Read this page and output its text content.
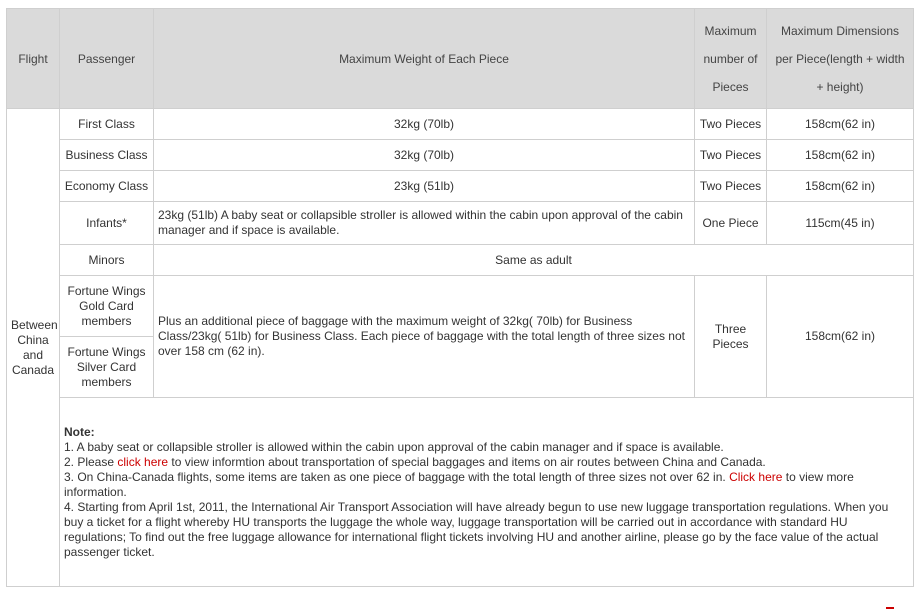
Flight	Passenger	Maximum Weight of Each Piece	Maximum number of Pieces	Maximum Dimensions per Piece(length + width + height)
Between China and Canada	First Class	32kg (70lb)	Two Pieces	158cm(62 in)
	Business Class	32kg (70lb)	Two Pieces	158cm(62 in)
	Economy Class	23kg (51lb)	Two Pieces	158cm(62 in)
	Infants*	23kg (51lb) A baby seat or collapsible stroller is allowed within the cabin upon approval of the cabin manager and if space is available.	One Piece	115cm(45 in)
	Minors	Same as adult		
	Fortune Wings Gold Card members	Plus an additional piece of baggage with the maximum weight of 32kg( 70lb) for Business Class/23kg( 51lb) for Business Class. Each piece of baggage with the total length of three sizes not over 158 cm (62 in).	Three Pieces	158cm(62 in)
	Fortune Wings Silver Card members			

	Note:
1. A baby seat or collapsible stroller is allowed within the cabin upon approval of the cabin manager and if space is available.
2. Please click here to view informtion about transportation of special baggages and items on air routes between China and Canada.
3. On China-Canada flights, some items are taken as one piece of baggage with the total length of three sizes not over 62 in. Click here to view more information.
4. Starting from April 1st, 2011, the International Air Transport Association will have already begun to use new luggage transportation regulations. When you buy a ticket for a flight whereby HU transports the luggage the whole way, luggage transportation will be carried out in accordance with standard HU regulations; To find out the free luggage allowance for international flight tickets involving HU and another airline, please go by the face value of the actual passenger ticket.			
